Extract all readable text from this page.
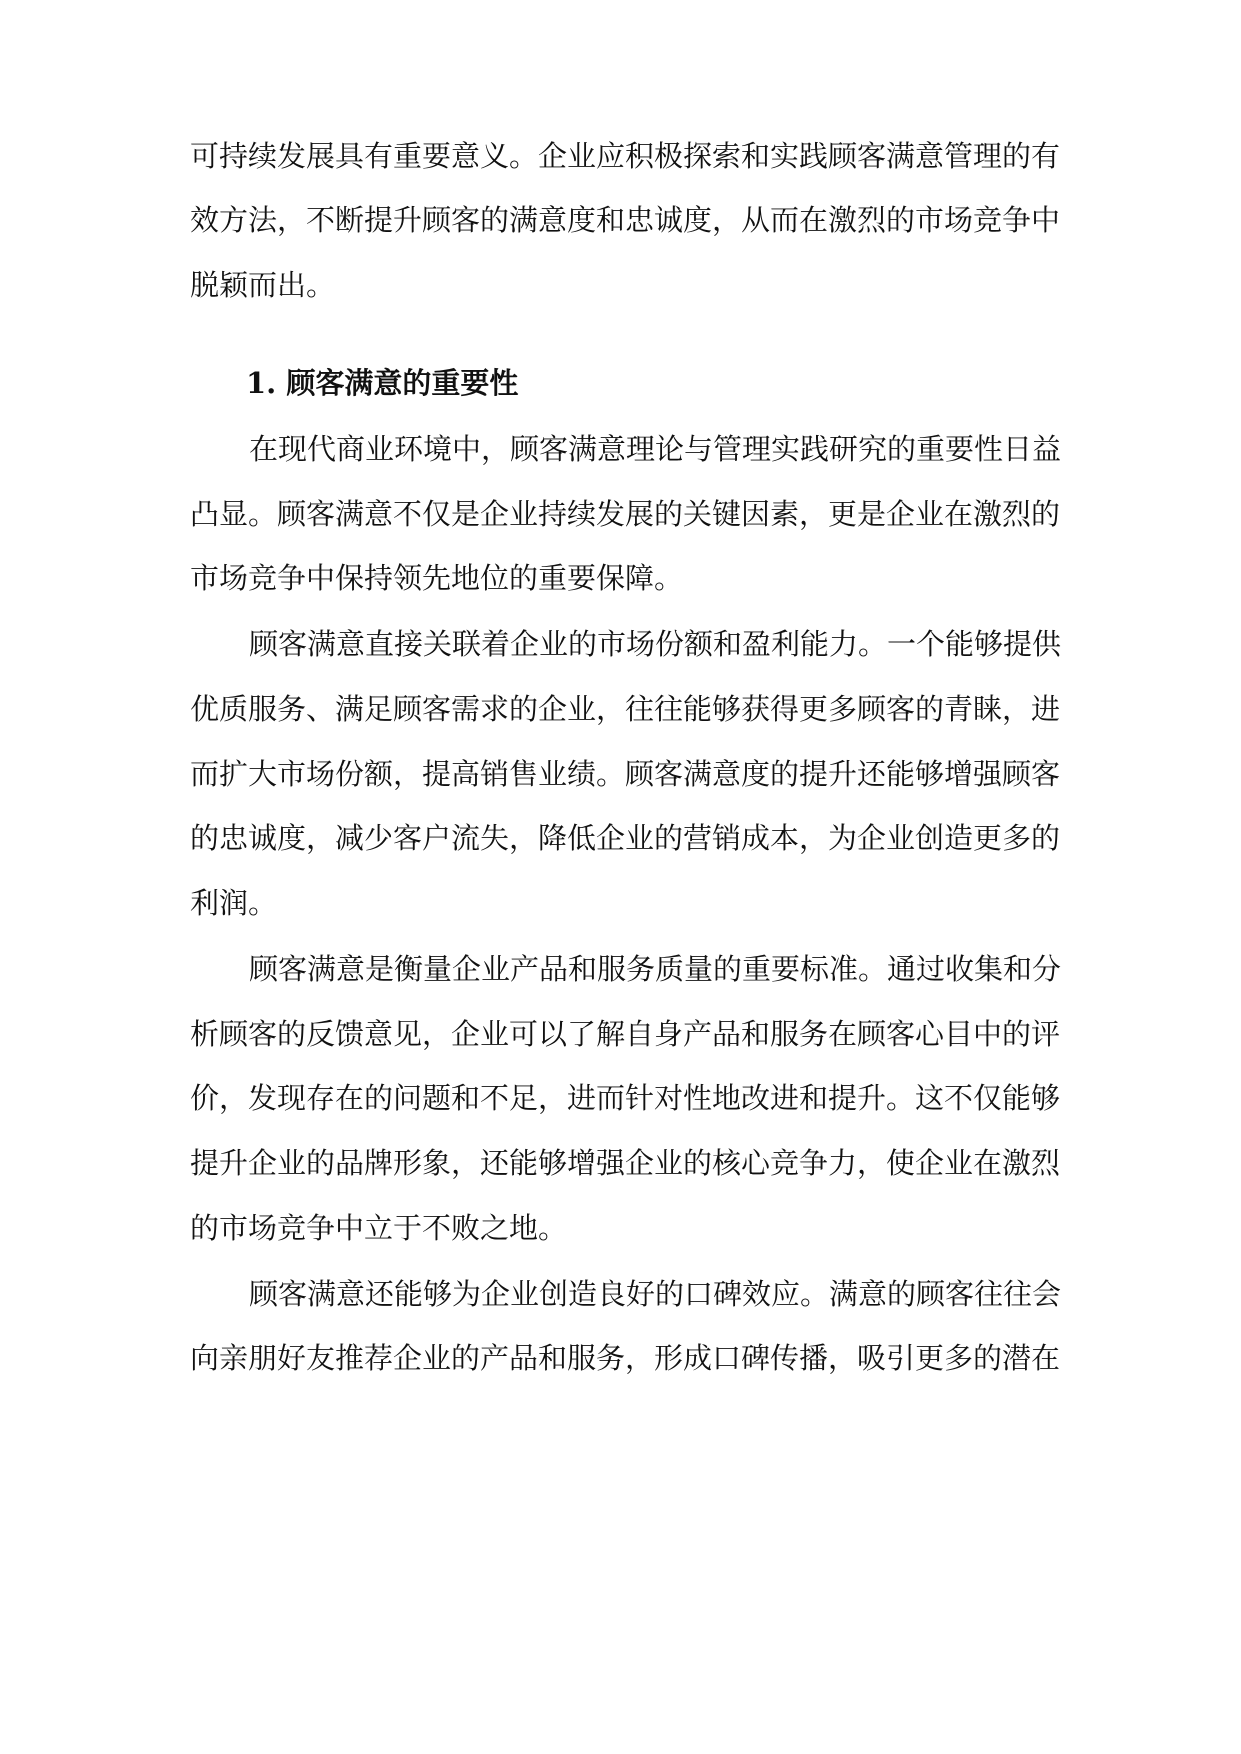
可持续发展具有重要意义。企业应积极探索和实践顾客满意管理的有

效方法，不断提升顾客的满意度和忠诚度，从而在激烈的市场竞争中

脱颖而出。

1. 顾客满意的重要性

在现代商业环境中，顾客满意理论与管理实践研究的重要性日益

凸显。顾客满意不仅是企业持续发展的关键因素，更是企业在激烈的

市场竞争中保持领先地位的重要保障。

顾客满意直接关联着企业的市场份额和盈利能力。一个能够提供

优质服务、满足顾客需求的企业，往往能够获得更多顾客的青睐，进

而扩大市场份额，提高销售业绩。顾客满意度的提升还能够增强顾客

的忠诚度，减少客户流失，降低企业的营销成本，为企业创造更多的

利润。

顾客满意是衡量企业产品和服务质量的重要标准。通过收集和分

析顾客的反馈意见，企业可以了解自身产品和服务在顾客心目中的评

价，发现存在的问题和不足，进而针对性地改进和提升。这不仅能够

提升企业的品牌形象，还能够增强企业的核心竞争力，使企业在激烈

的市场竞争中立于不败之地。

顾客满意还能够为企业创造良好的口碑效应。满意的顾客往往会

向亲朋好友推荐企业的产品和服务，形成口碑传播，吸引更多的潜在
